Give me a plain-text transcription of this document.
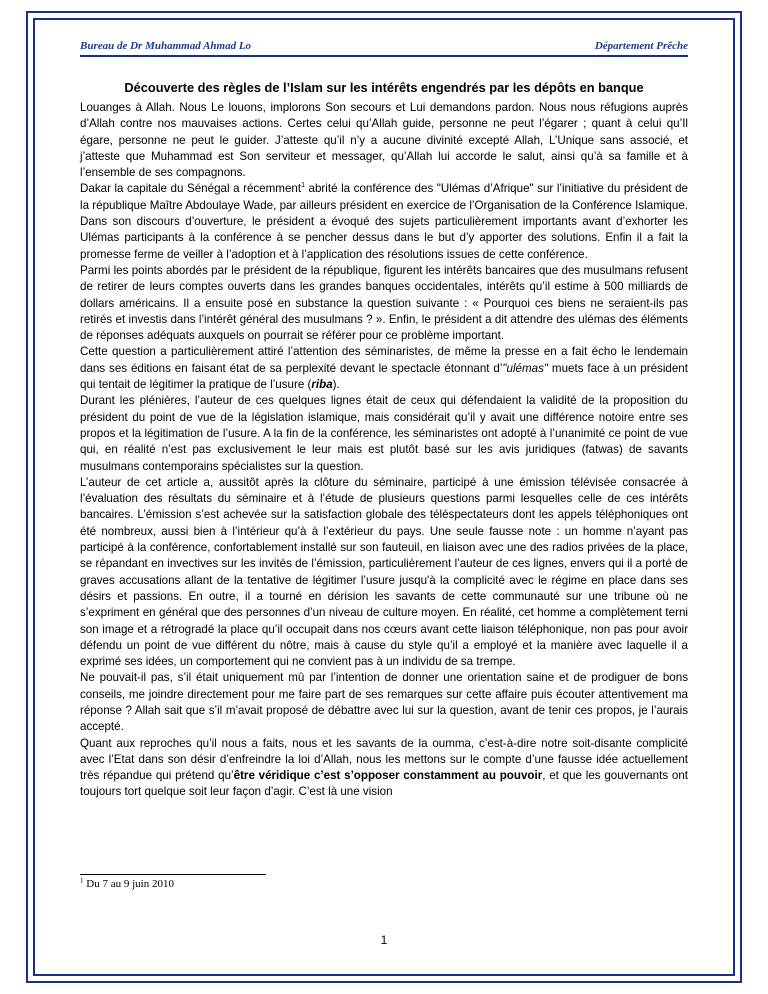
Bureau de Dr Muhammad Ahmad Lo	Département Prêche
Découverte des règles de l’Islam sur les intérêts engendrés par les dépôts en banque

Louanges à Allah. Nous Le louons, implorons Son secours et Lui demandons pardon. Nous nous réfugions auprès d’Allah contre nos mauvaises actions. Certes celui qu’Allah guide, personne ne peut l’égarer ; quant à celui qu’Il égare, personne ne peut le guider. J’atteste qu’il n’y a aucune divinité excepté Allah, L’Unique sans associé, et j’atteste que Muhammad est Son serviteur et messager, qu’Allah lui accorde le salut, ainsi qu’à sa famille et à l’ensemble de ses compagnons.

Dakar la capitale du Sénégal a récemment$^1$ abrité la conférence des "Ulémas d’Afrique" sur l’initiative du président de la république Maître Abdoulaye Wade, par ailleurs président en exercice de l’Organisation de la Conférence Islamique. Dans son discours d’ouverture, le président a évoqué des sujets particulièrement importants avant d’exhorter les Ulémas participants à la conférence à se pencher dessus dans le but d’y apporter des solutions. Enfin il a fait la promesse ferme de veiller à l’adoption et à l’application des résolutions issues de cette conférence.

Parmi les points abordés par le président de la république, figurent les intérêts bancaires que des musulmans refusent de retirer de leurs comptes ouverts dans les grandes banques occidentales, intérêts qu’il estime à 500 milliards de dollars américains. Il a ensuite posé en substance la question suivante : « Pourquoi ces biens ne seraient-ils pas retirés et investis dans l’intérêt général des musulmans ? ». Enfin, le président a dit attendre des ulémas des éléments de réponses adéquats auxquels on pourrait se référer pour ce problème important.

Cette question a particulièrement attiré l’attention des séminaristes, de même la presse en a fait écho le lendemain dans ses éditions en faisant état de sa perplexité devant le spectacle étonnant d’"ulémas" muets face à un président qui tentait de légitimer la pratique de l’usure (riba).

Durant les plénières, l’auteur de ces quelques lignes était de ceux qui défendaient la validité de la proposition du président du point de vue de la législation islamique, mais considérait qu’il y avait une différence notoire entre ses propos et la légitimation de l’usure. A la fin de la conférence, les séminaristes ont adopté à l’unanimité ce point de vue qui, en réalité n’est pas exclusivement le leur mais est plutôt basé sur les avis juridiques (fatwas) de savants musulmans contemporains spécialistes sur la question.

L’auteur de cet article a, aussitôt après la clôture du séminaire, participé à une émission télévisée consacrée à l’évaluation des résultats du séminaire et à l’étude de plusieurs questions parmi lesquelles celle de ces intérêts bancaires. L’émission s’est achevée sur la satisfaction globale des téléspectateurs dont les appels téléphoniques ont été nombreux, aussi bien à l’intérieur qu’à à l’extérieur du pays. Une seule fausse note : un homme n’ayant pas participé à la conférence, confortablement installé sur son fauteuil, en liaison avec une des radios privées de la place, se répandant en invectives sur les invités de l’émission, particulièrement l’auteur de ces lignes, envers qui il a porté de graves accusations allant de la tentative de légitimer l’usure jusqu'à la complicité avec le régime en place dans ses désirs et passions. En outre, il a tourné en dérision les savants de cette communauté sur une tribune où ne s’expriment en général que des personnes d’un niveau de culture moyen. En réalité, cet homme a complètement terni son image et a rétrogradé la place qu’il occupait dans nos cœurs avant cette liaison téléphonique, non pas pour avoir défendu un point de vue différent du nôtre, mais à cause du style qu’il a employé et la manière avec laquelle il a exprimé ses idées, un comportement qui ne convient pas à un individu de sa trempe.

Ne pouvait-il pas, s’il était uniquement mû par l’intention de donner une orientation saine et de prodiguer de bons conseils, me joindre directement pour me faire part de ses remarques sur cette affaire puis écouter attentivement ma réponse ? Allah sait que s’il m’avait proposé de débattre avec lui sur la question, avant de tenir ces propos, je l’aurais accepté.

Quant aux reproches qu’il nous a faits, nous et les savants de la oumma, c’est-à-dire notre soit-disante complicité avec l’Etat dans son désir d’enfreindre la loi d’Allah, nous les mettons sur le compte d’une fausse idée actuellement très répandue qui prétend qu’être véridique c’est s’opposer constamment au pouvoir, et que les gouvernants ont toujours tort quelque soit leur façon d’agir. C’est là une vision

$^1$ Du 7 au 9 juin 2010
1
